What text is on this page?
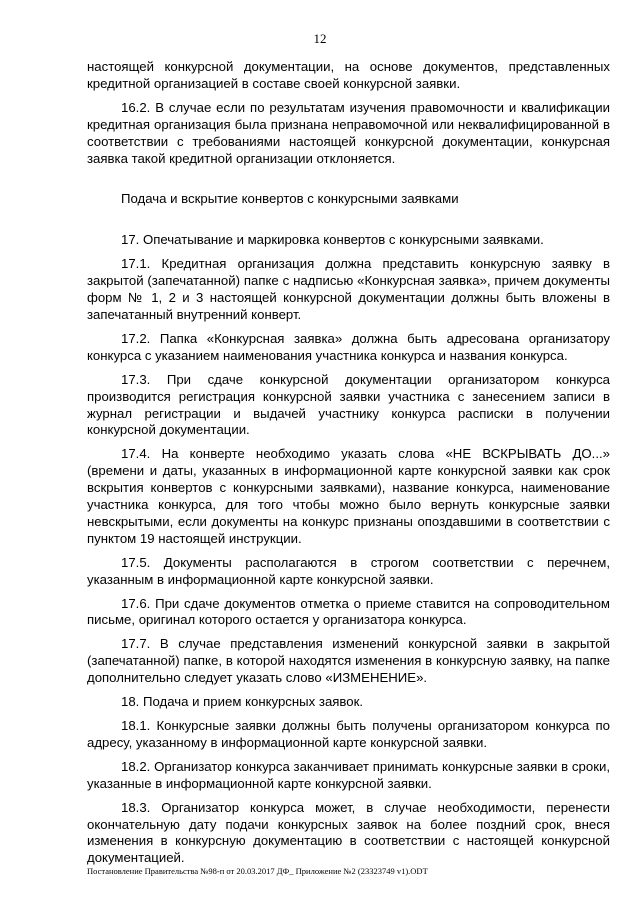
12

настоящей конкурсной документации, на основе документов, представленных кредитной организацией в составе своей конкурсной заявки.

16.2. В случае если по результатам изучения правомочности и квалификации кредитная организация была признана неправомочной или неквалифицированной в соответствии с требованиями настоящей конкурсной документации, конкурсная заявка такой кредитной организации отклоняется.

Подача и вскрытие конвертов с конкурсными заявками

17. Опечатывание и маркировка конвертов с конкурсными заявками.

17.1. Кредитная организация должна представить конкурсную заявку в закрытой (запечатанной) папке с надписью «Конкурсная заявка», причем документы форм № 1, 2 и 3 настоящей конкурсной документации должны быть вложены в запечатанный внутренний конверт.

17.2. Папка «Конкурсная заявка» должна быть адресована организатору конкурса с указанием наименования участника конкурса и названия конкурса.

17.3. При сдаче конкурсной документации организатором конкурса производится регистрация конкурсной заявки участника с занесением записи в журнал регистрации и выдачей участнику конкурса расписки в получении конкурсной документации.

17.4. На конверте необходимо указать слова «НЕ ВСКРЫВАТЬ ДО...» (времени и даты, указанных в информационной карте конкурсной заявки как срок вскрытия конвертов с конкурсными заявками), название конкурса, наименование участника конкурса, для того чтобы можно было вернуть конкурсные заявки невскрытыми, если документы на конкурс признаны опоздавшими в соответствии с пунктом 19 настоящей инструкции.

17.5. Документы располагаются в строгом соответствии с перечнем, указанным в информационной карте конкурсной заявки.

17.6. При сдаче документов отметка о приеме ставится на сопроводительном письме, оригинал которого остается у организатора конкурса.

17.7. В случае представления изменений конкурсной заявки в закрытой (запечатанной) папке, в которой находятся изменения в конкурсную заявку, на папке дополнительно следует указать слово «ИЗМЕНЕНИЕ».

18. Подача и прием конкурсных заявок.

18.1. Конкурсные заявки должны быть получены организатором конкурса по адресу, указанному в информационной карте конкурсной заявки.

18.2. Организатор конкурса заканчивает принимать конкурсные заявки в сроки, указанные в информационной карте конкурсной заявки.

18.3. Организатор конкурса может, в случае необходимости, перенести окончательную дату подачи конкурсных заявок на более поздний срок, внеся изменения в конкурсную документацию в соответствии с настоящей конкурсной документацией.

Постановление Правительства №98-п от 20.03.2017 ДФ_ Приложение №2 (23323749 v1).ODT
